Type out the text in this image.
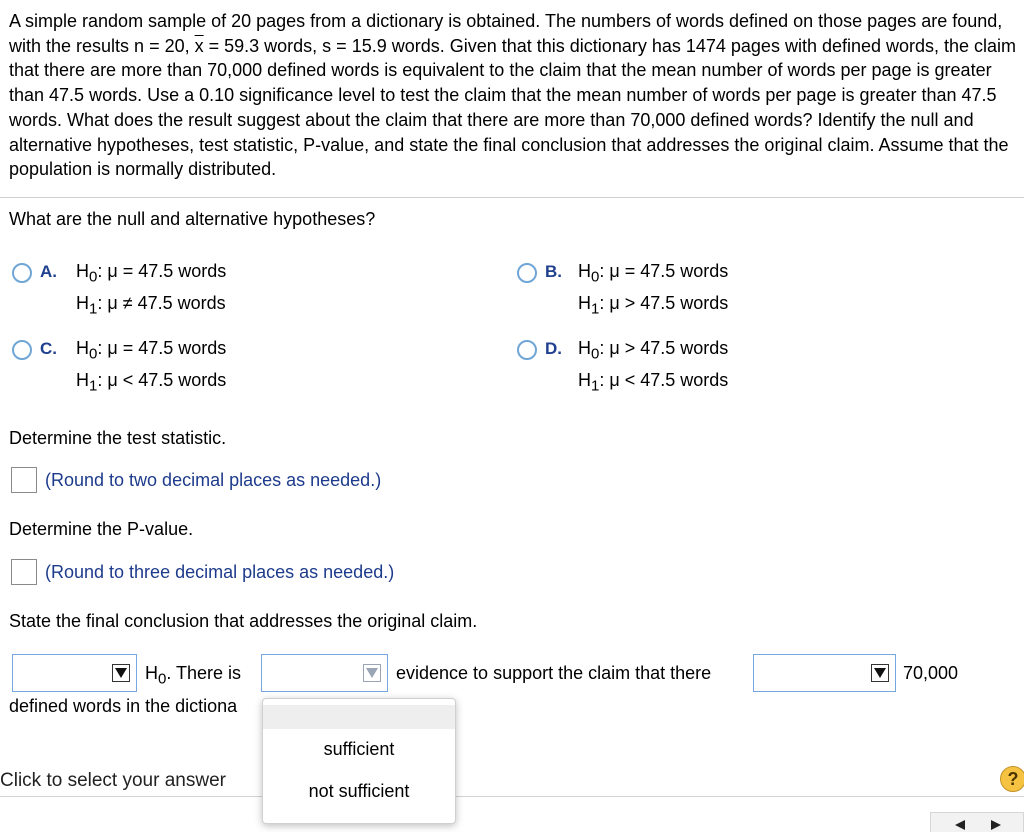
A simple random sample of 20 pages from a dictionary is obtained. The numbers of words defined on those pages are found, with the results n = 20, $\overline{x} = 59.3$ words, s = 15.9 words. Given that this dictionary has 1474 pages with defined words, the claim that there are more than 70,000 defined words is equivalent to the claim that the mean number of words per page is greater than 47.5 words. Use a 0.10 significance level to test the claim that the mean number of words per page is greater than 47.5 words. What does the result suggest about the claim that there are more than 70,000 defined words? Identify the null and alternative hypotheses, test statistic, P-value, and state the final conclusion that addresses the original claim. Assume that the population is normally distributed.
What are the null and alternative hypotheses?
A. $H_0$: μ = 47.5 words
$H_1$: μ ≠ 47.5 words
B. $H_0$: μ = 47.5 words
$H_1$: μ > 47.5 words
C. $H_0$: μ = 47.5 words
$H_1$: μ < 47.5 words
D. $H_0$: μ > 47.5 words
$H_1$: μ < 47.5 words
Determine the test statistic.
(Round to two decimal places as needed.)
Determine the P-value.
(Round to three decimal places as needed.)
State the final conclusion that addresses the original claim.
$H_0$. There is	evidence to support the claim that there	70,000
defined words in the dictiona
Click to select your answer	?
sufficient
not sufficient
